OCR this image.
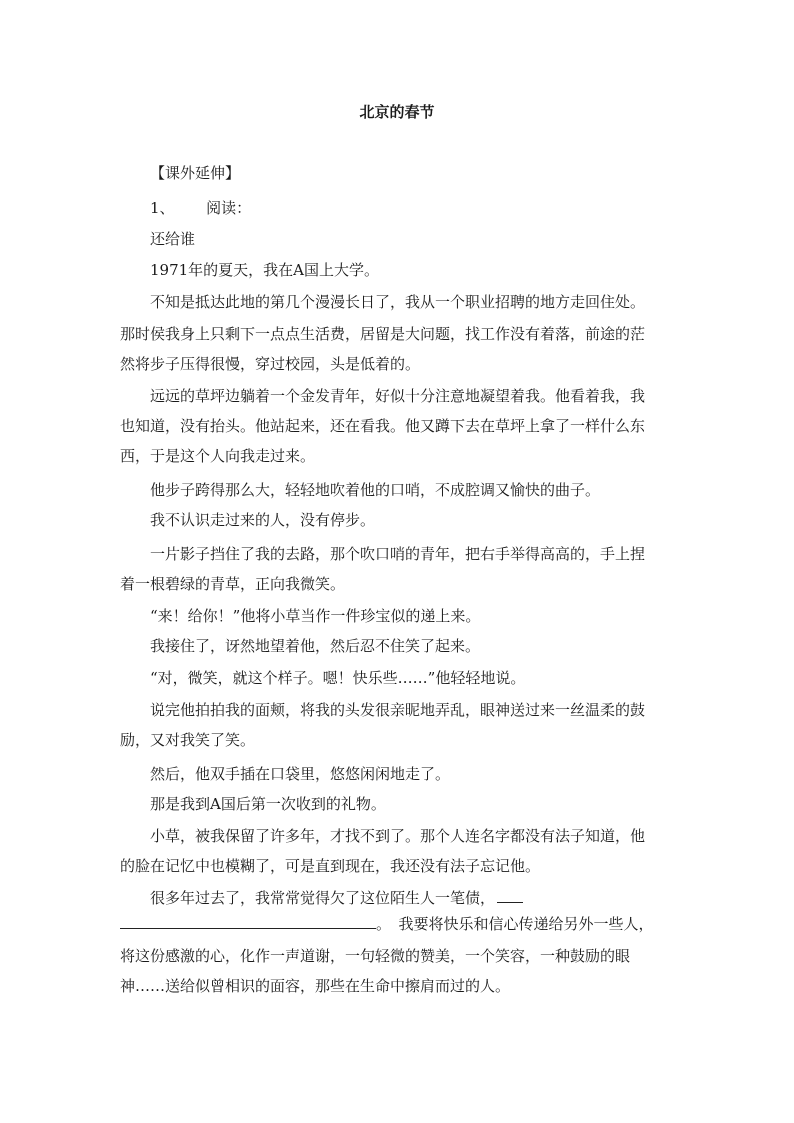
北京的春节
【课外延伸】
1、 阅读：
还给谁
1971年的夏天，我在A国上大学。
　　不知是抵达此地的第几个漫漫长日了，我从一个职业招聘的地方走回住处。
那时侯我身上只剩下一点点生活费，居留是大问题，找工作没有着落，前途的茫
然将步子压得很慢，穿过校园，头是低着的。
　　远远的草坪边躺着一个金发青年，好似十分注意地凝望着我。他看着我，我
也知道，没有抬头。他站起来，还在看我。他又蹲下去在草坪上拿了一样什么东
西，于是这个人向我走过来。
　　他步子跨得那么大，轻轻地吹着他的口哨，不成腔调又愉快的曲子。
　　我不认识走过来的人，没有停步。
　　一片影子挡住了我的去路，那个吹口哨的青年，把右手举得高高的，手上捏
着一根碧绿的青草，正向我微笑。
　　“来！给你！”他将小草当作一件珍宝似的递上来。
　　我接住了，讶然地望着他，然后忍不住笑了起来。
　　“对，微笑，就这个样子。嗯！快乐些……”他轻轻地说。
　　说完他拍拍我的面颊，将我的头发很亲昵地弄乱，眼神送过来一丝温柔的鼓
励，又对我笑了笑。
　　然后，他双手插在口袋里，悠悠闲闲地走了。
　　那是我到A国后第一次收到的礼物。
　　小草，被我保留了许多年，才找不到了。那个人连名字都没有法子知道，他
的脸在记忆中也模糊了，可是直到现在，我还没有法子忘记他。
　　很多年过去了，我常常觉得欠了这位陌生人一笔债，
。　我要将快乐和信心传递给另外一些人，
将这份感激的心，化作一声道谢，一句轻微的赞美，一个笑容，一种鼓励的眼
神……送给似曾相识的面容，那些在生命中擦肩而过的人。
